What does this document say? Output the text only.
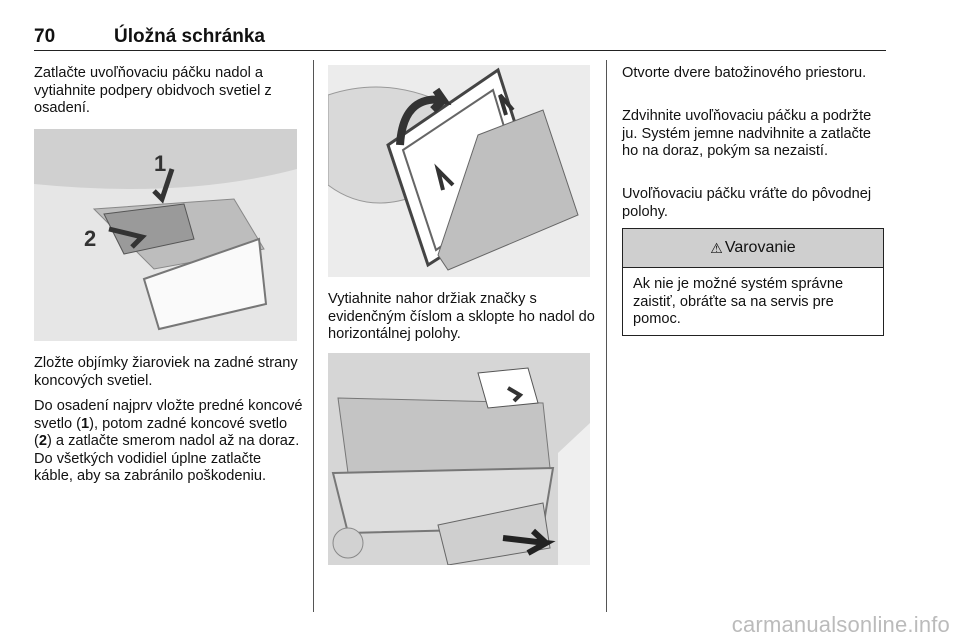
70	Úložná schránka

Zatlačte uvoľňovaciu páčku nadol a vytiahnite podpery obidvoch svetiel z osadení.

1
2

Zložte objímky žiaroviek na zadné strany koncových svetiel.

Do osadení najprv vložte predné koncové svetlo (1), potom zadné koncové svetlo (2) a zatlačte smerom nadol až na doraz. Do všetkých vodidiel úplne zatlačte káble, aby sa zabránilo poškodeniu.

Vytiahnite nahor držiak značky s evidenčným číslom a sklopte ho nadol do horizontálnej polohy.

Otvorte dvere batožinového priestoru.

Zdvihnite uvoľňovaciu páčku a podržte ju. Systém jemne nadvihnite a zatlačte ho na doraz, pokým sa nezaistí.

Uvoľňovaciu páčku vráťte do pôvodnej polohy.

⚠ Varovanie
Ak nie je možné systém správne zaistiť, obráťte sa na servis pre pomoc.
carmanualsonline.info
